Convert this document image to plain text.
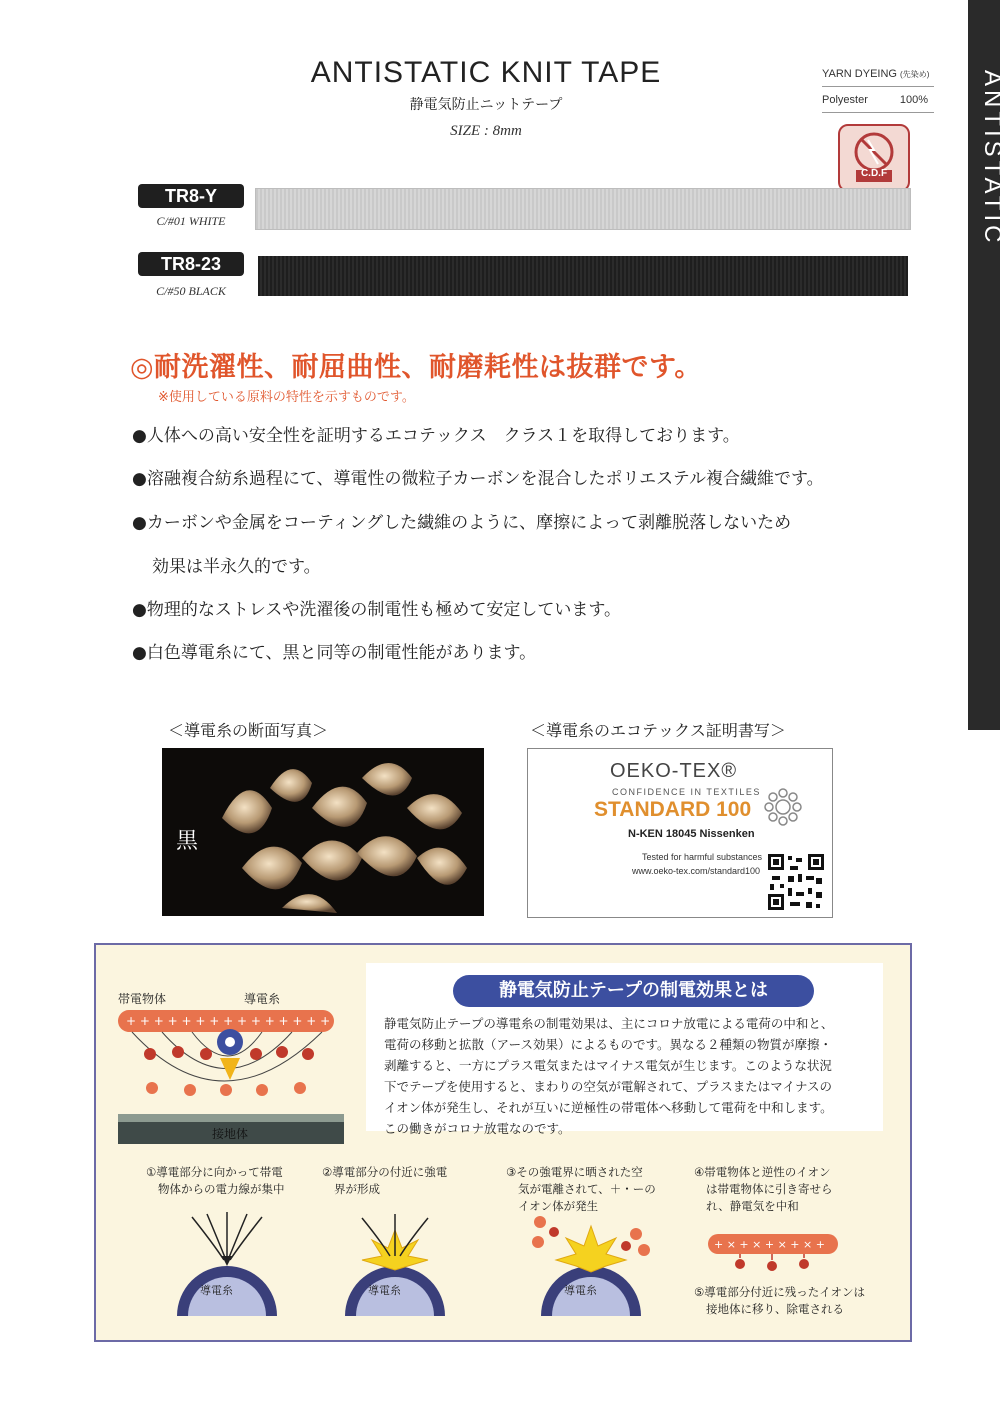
ANTISTATIC
ANTISTATIC KNIT TAPE
静電気防止ニットテープ
SIZE : 8mm
YARN DYEING (先染め)
Polyester	100%
C.D.F
TR8-Y
C/#01 WHITE
TR8-23
C/#50 BLACK
◎耐洗濯性、耐屈曲性、耐磨耗性は抜群です。
※使用している原料の特性を示すものです。
●人体への高い安全性を証明するエコテックス　クラス１を取得しております。
●溶融複合紡糸過程にて、導電性の微粒子カーボンを混合したポリエステル複合繊維です。
●カーボンや金属をコーティングした繊維のように、摩擦によって剥離脱落しないため
効果は半永久的です。
●物理的なストレスや洗濯後の制電性も極めて安定しています。
●白色導電糸にて、黒と同等の制電性能があります。
＜導電糸の断面写真＞
黒
＜導電糸のエコテックス証明書写＞
OEKO-TEX®
CONFIDENCE IN TEXTILES
STANDARD 100
N-KEN 18045 Nissenken
Tested for harmful substances
www.oeko-tex.com/standard100
+ + + + + + + + + + + + + + +
帯電物体	導電糸
接地体
静電気防止テープの制電効果とは
静電気防止テープの導電糸の制電効果は、主にコロナ放電による電荷の中和と、
電荷の移動と拡散（アース効果）によるものです。異なる２種類の物質が摩擦・
剥離すると、一方にプラス電気またはマイナス電気が生じます。このような状況
下でテープを使用すると、まわりの空気が電解されて、プラスまたはマイナスの
イオン体が発生し、それが互いに逆極性の帯電体へ移動して電荷を中和します。
この働きがコロナ放電なのです。
①導電部分に向かって帯電
物体からの電力線が集中
②導電部分の付近に強電
界が形成
③その強電界に晒された空
気が電離されて、＋・ーの
イオン体が発生
④帯電物体と逆性のイオン
は帯電物体に引き寄せら
れ、静電気を中和
⑤導電部分付近に残ったイオンは
接地体に移り、除電される
導電糸	導電糸	導電糸
+ × + × + × + × +
